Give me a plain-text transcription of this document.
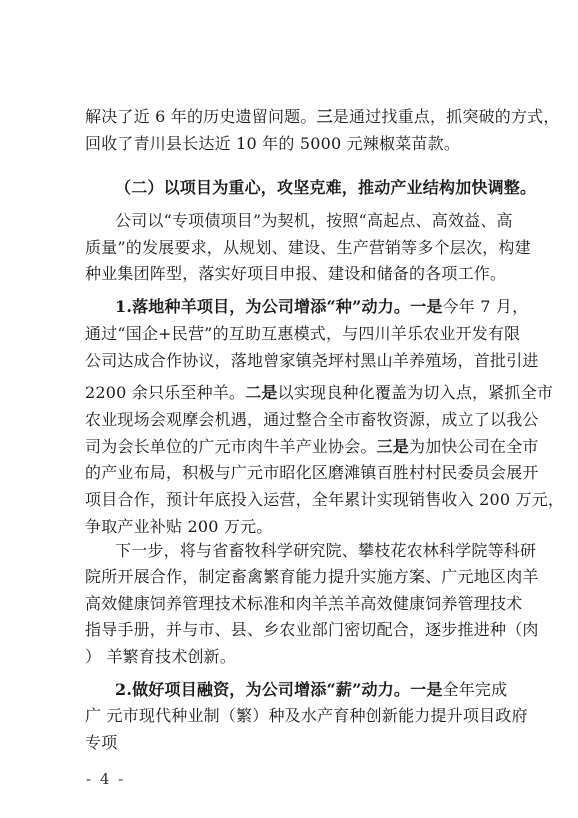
解决了近 6 年的历史遗留问题。三是通过找重点，抓突破的方式，
回收了青川县长达近 10 年的 5000 元辣椒菜苗款。
（二）以项目为重心，攻坚克难，推动产业结构加快调整。
公司以“专项债项目”为契机，按照“高起点、高效益、高
质量”的发展要求，从规划、建设、生产营销等多个层次，构建
种业集团阵型，落实好项目申报、建设和储备的各项工作。
1.落地种羊项目，为公司增添“种”动力。一是今年 7 月，
通过“国企+民营”的互助互惠模式，与四川羊乐农业开发有限
公司达成合作协议，落地曾家镇尧坪村黑山羊养殖场，首批引进
2200 余只乐至种羊。二是以实现良种化覆盖为切入点，紧抓全市
农业现场会观摩会机遇，通过整合全市畜牧资源，成立了以我公
司为会长单位的广元市肉牛羊产业协会。三是为加快公司在全市
的产业布局，积极与广元市昭化区磨滩镇百胜村村民委员会展开
项目合作，预计年底投入运营，全年累计实现销售收入 200 万元，
争取产业补贴 200 万元。
下一步，将与省畜牧科学研究院、攀枝花农林科学院等科研
院所开展合作，制定畜禽繁育能力提升实施方案、广元地区肉羊
高效健康饲养管理技术标准和肉羊羔羊高效健康饲养管理技术
指导手册，并与市、县、乡农业部门密切配合，逐步推进种（肉
） 羊繁育技术创新。
2.做好项目融资，为公司增添“薪”动力。一是全年完成
广 元市现代种业制（繁）种及水产育种创新能力提升项目政府
专项
- 4 -
